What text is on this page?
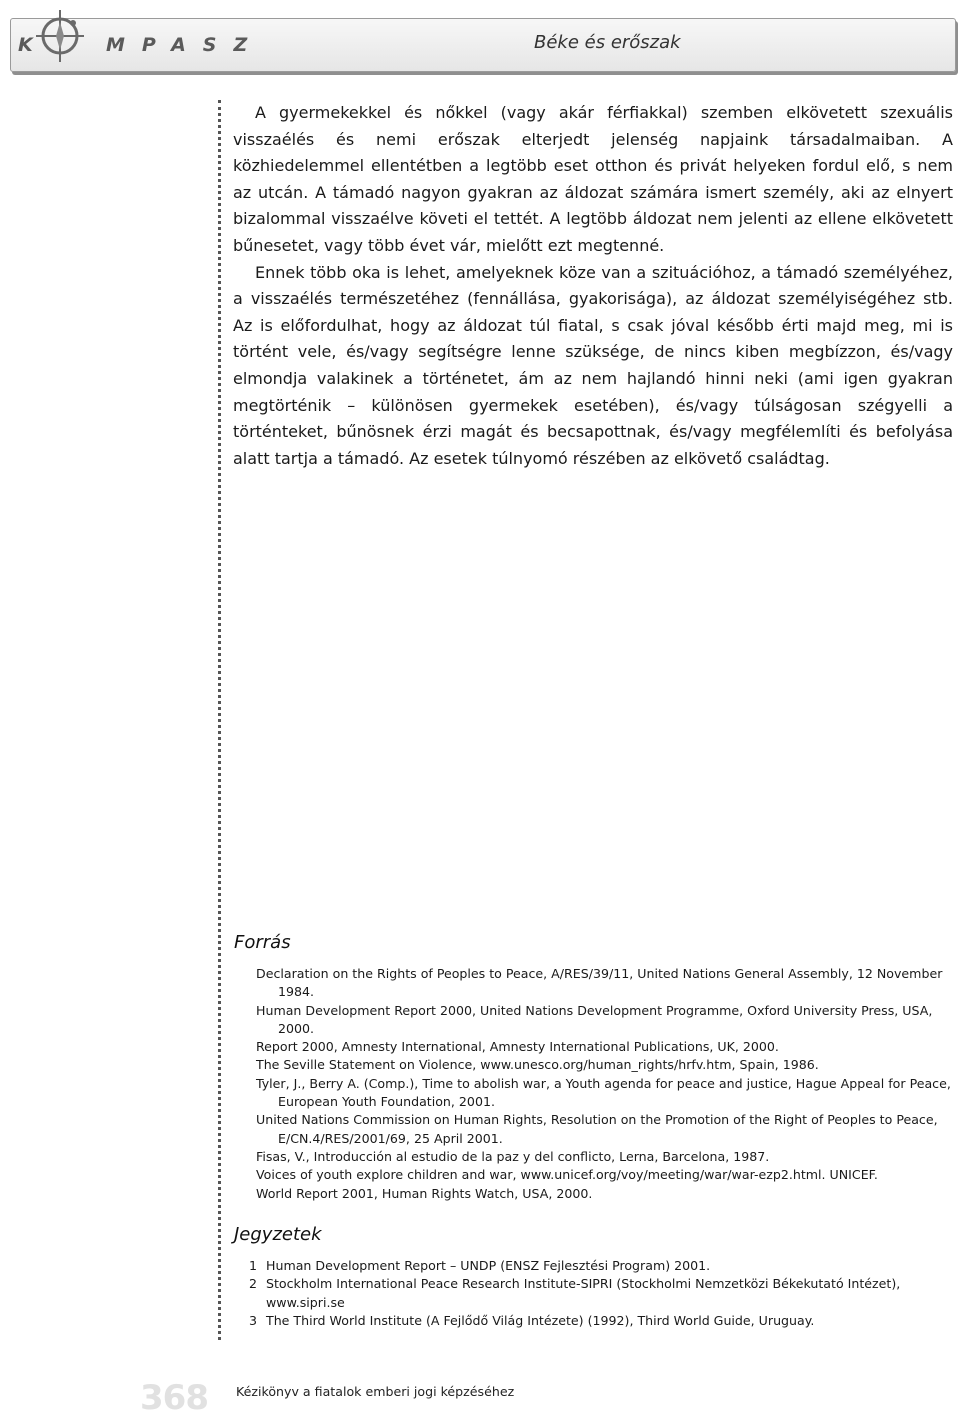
K	MPASZ	Béke és erőszak

A gyermekekkel és nőkkel (vagy akár férfiakkal) szemben elkövetett szexuális visszaélés és nemi erőszak elterjedt jelenség napjaink társadalmaiban. A közhiedelemmel ellentétben a legtöbb eset otthon és privát helyeken fordul elő, s nem az utcán. A támadó nagyon gyakran az áldozat számára ismert személy, aki az elnyert bizalommal visszaélve követi el tettét. A legtöbb áldozat nem jelenti az ellene elkövetett bűnesetet, vagy több évet vár, mielőtt ezt megtenné.

Ennek több oka is lehet, amelyeknek köze van a szituációhoz, a támadó személyéhez, a visszaélés természetéhez (fennállása, gyakorisága), az áldozat személyiségéhez stb. Az is előfordulhat, hogy az áldozat túl fiatal, s csak jóval később érti majd meg, mi is történt vele, és/vagy segítségre lenne szüksége, de nincs kiben megbízzon, és/vagy elmondja valakinek a történetet, ám az nem hajlandó hinni neki (ami igen gyakran megtörténik – különösen gyermekek esetében), és/vagy túlságosan szégyelli a történteket, bűnösnek érzi magát és becsapottnak, és/vagy megfélemlíti és befolyása alatt tartja a támadó. Az esetek túlnyomó részében az elkövető családtag.

Forrás
Declaration on the Rights of Peoples to Peace, A/RES/39/11, United Nations General Assembly, 12 November 1984.
Human Development Report 2000, United Nations Development Programme, Oxford University Press, USA, 2000.
Report 2000, Amnesty International, Amnesty International Publications, UK, 2000.
The Seville Statement on Violence, www.unesco.org/human_rights/hrfv.htm, Spain, 1986.
Tyler, J., Berry A. (Comp.), Time to abolish war, a Youth agenda for peace and justice, Hague Appeal for Peace, European Youth Foundation, 2001.
United Nations Commission on Human Rights, Resolution on the Promotion of the Right of Peoples to Peace, E/CN.4/RES/2001/69, 25 April 2001.
Fisas, V., Introducción al estudio de la paz y del conflicto, Lerna, Barcelona, 1987.
Voices of youth explore children and war, www.unicef.org/voy/meeting/war/war-ezp2.html. UNICEF.
World Report 2001, Human Rights Watch, USA, 2000.
Jegyzetek
1 Human Development Report – UNDP (ENSZ Fejlesztési Program) 2001.
2 Stockholm International Peace Research Institute-SIPRI (Stockholmi Nemzetközi Békekutató Intézet), www.sipri.se
3 The Third World Institute (A Fejlődő Világ Intézete) (1992), Third World Guide, Uruguay.
368 Kézikönyv a fiatalok emberi jogi képzéséhez
